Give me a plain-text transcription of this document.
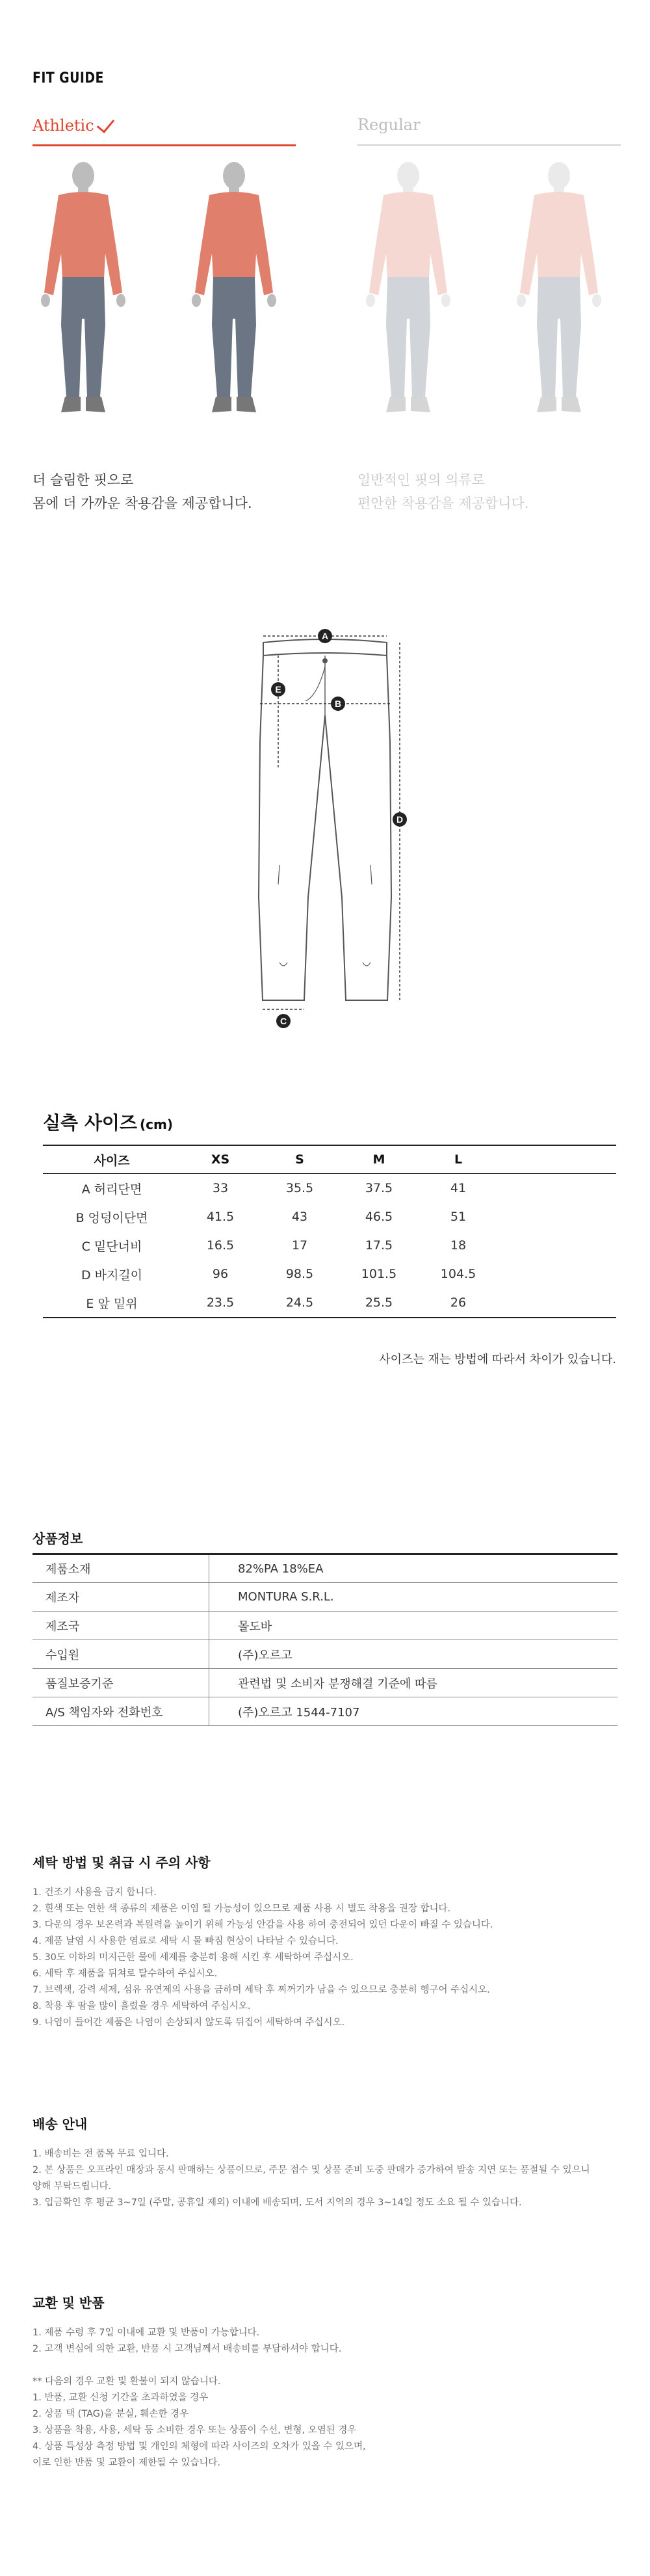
FIT GUIDE
Athletic	Regular
더 슬림한 핏으로
몸에 더 가까운 착용감을 제공합니다.
일반적인 핏의 의류로
편안한 착용감을 제공합니다.
A
B
C
D
E
실측 사이즈 (cm)
사이즈	XS	S	M	L	
A 허리단면	33	35.5	37.5	41	
B 엉덩이단면	41.5	43	46.5	51	
C 밑단너비	16.5	17	17.5	18	
D 바지길이	96	98.5	101.5	104.5	
E 앞 밑위	23.5	24.5	25.5	26	
사이즈는 재는 방법에 따라서 차이가 있습니다.
상품정보
제품소재	82%PA 18%EA
제조자	MONTURA S.R.L.
제조국	몰도바
수입원	(주)오르고
품질보증기준	관련법 및 소비자 분쟁해결 기준에 따름
A/S 책임자와 전화번호	(주)오르고 1544-7107
세탁 방법 및 취급 시 주의 사항
1. 건조기 사용을 금지 합니다.
2. 흰색 또는 연한 색 종류의 제품은 이염 될 가능성이 있으므로 제품 사용 시 별도 착용을 권장 합니다.
3. 다운의 경우 보온력과 복원력을 높이기 위해 가능성 안감을 사용 하여 충전되어 있던 다운이 빠질 수 있습니다.
4. 제품 날염 시 사용한 염료로 세탁 시 물 빠짐 현상이 나타날 수 있습니다.
5. 30도 이하의 미지근한 물에 세제를 충분히 용해 시킨 후 세탁하여 주십시오.
6. 세탁 후 제품을 뒤쳐로 탈수하여 주십시오.
7. 브렉색, 강력 세제, 섬유 유연제의 사용을 금하며 세탁 후 찌꺼기가 남을 수 있으므로 충분히 헹구어 주십시오.
8. 착용 후 땀을 많이 흘렸을 경우 세탁하여 주십시오.
9. 나염이 들어간 제품은 나염이 손상되지 않도록 뒤집어 세탁하여 주십시오.
배송 안내
1. 배송비는 전 품목 무료 입니다.
2. 본 상품은 오프라인 매장과 동시 판매하는 상품이므로, 주문 접수 및 상품 준비 도중 판매가 증가하여 발송 지연 또는 품절될 수 있으니
양해 부탁드립니다.
3. 입금확인 후 평균 3~7일 (주말, 공휴일 제외) 이내에 배송되며, 도서 지역의 경우 3~14일 정도 소요 될 수 있습니다.
교환 및 반품
1. 제품 수령 후 7일 이내에 교환 및 반품이 가능합니다.
2. 고객 변심에 의한 교환, 반품 시 고객님께서 배송비를 부담하셔야 합니다.

** 다음의 경우 교환 및 환불이 되지 않습니다.
1. 반품, 교환 신청 기간을 초과하였을 경우
2. 상품 택 (TAG)을 분실, 훼손한 경우
3. 상품을 착용, 사용, 세탁 등 소비한 경우 또는 상품이 수선, 변형, 오염된 경우
4. 상품 특성상 측정 방법 및 개인의 체형에 따라 사이즈의 오차가 있을 수 있으며,
이로 인한 반품 및 교환이 제한될 수 있습니다.
